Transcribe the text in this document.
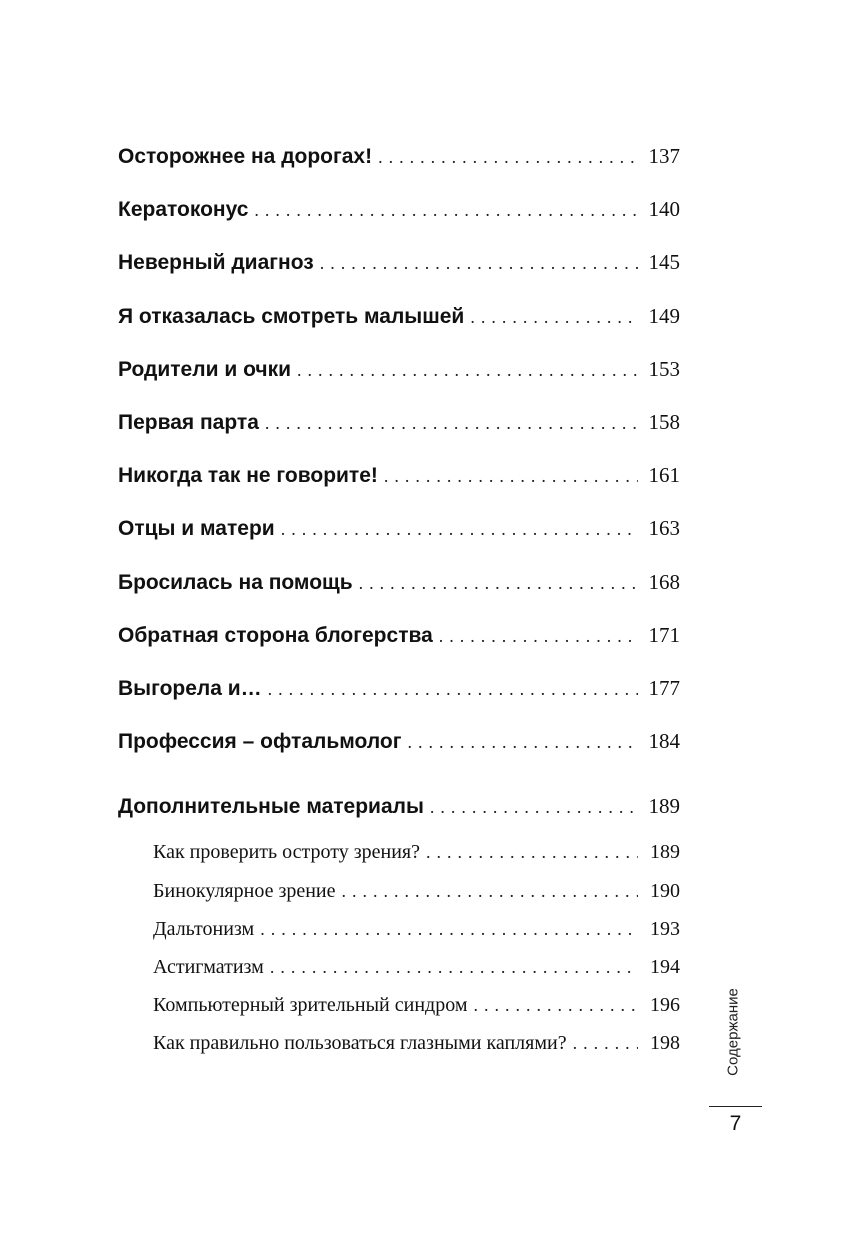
Осторожнее на дорогах! . . .	137
Кератоконус . . .	140
Неверный диагноз . . .	145
Я отказалась смотреть малышей . . .	149
Родители и очки . . .	153
Первая парта . . .	158
Никогда так не говорите! . . .	161
Отцы и матери . . .	163
Бросилась на помощь . . .	168
Обратная сторона блогерства . . .	171
Выгорела и… . . .	177
Профессия – офтальмолог . . .	184
Дополнительные материалы . . .	189
Как проверить остроту зрения? . . .	189
Бинокулярное зрение . . .	190
Дальтонизм . . .	193
Астигматизм . . .	194
Компьютерный зрительный синдром . . .	196
Как правильно пользоваться глазными каплями? . . .	198	Содержание
7
